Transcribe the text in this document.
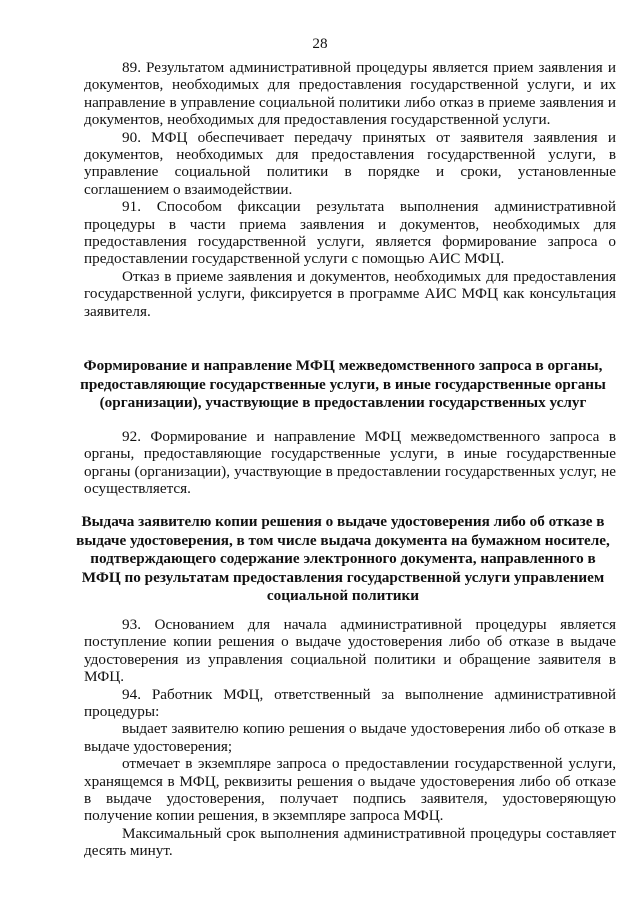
28

89. Результатом административной процедуры является прием заявления и документов, необходимых для предоставления государственной услуги, и их направление в управление социальной политики либо отказ в приеме заявления и документов, необходимых для предоставления государственной услуги.

90. МФЦ обеспечивает передачу принятых от заявителя заявления и документов, необходимых для предоставления государственной услуги, в управление социальной политики в порядке и сроки, установленные соглашением о взаимодействии.

91. Способом фиксации результата выполнения административной процедуры в части приема заявления и документов, необходимых для предоставления государственной услуги, является формирование запроса о предоставлении государственной услуги с помощью АИС МФЦ.

Отказ в приеме заявления и документов, необходимых для предоставления государственной услуги, фиксируется в программе АИС МФЦ как консультация заявителя.

Формирование и направление МФЦ межведомственного запроса в органы, предоставляющие государственные услуги, в иные государственные органы (организации), участвующие в предоставлении государственных услуг

92. Формирование и направление МФЦ межведомственного запроса в органы, предоставляющие государственные услуги, в иные государственные органы (организации), участвующие в предоставлении государственных услуг, не осуществляется.

Выдача заявителю копии решения о выдаче удостоверения либо об отказе в выдаче удостоверения, в том числе выдача документа на бумажном носителе, подтверждающего содержание электронного документа, направленного в МФЦ по результатам предоставления государственной услуги управлением социальной политики

93. Основанием для начала административной процедуры является поступление копии решения о выдаче удостоверения либо об отказе в выдаче удостоверения из управления социальной политики и обращение заявителя в МФЦ.

94. Работник МФЦ, ответственный за выполнение административной процедуры:

выдает заявителю копию решения о выдаче удостоверения либо об отказе в выдаче удостоверения;

отмечает в экземпляре запроса о предоставлении государственной услуги, хранящемся в МФЦ, реквизиты решения о выдаче удостоверения либо об отказе в выдаче удостоверения, получает подпись заявителя, удостоверяющую получение копии решения, в экземпляре запроса МФЦ.

Максимальный срок выполнения административной процедуры составляет десять минут.
